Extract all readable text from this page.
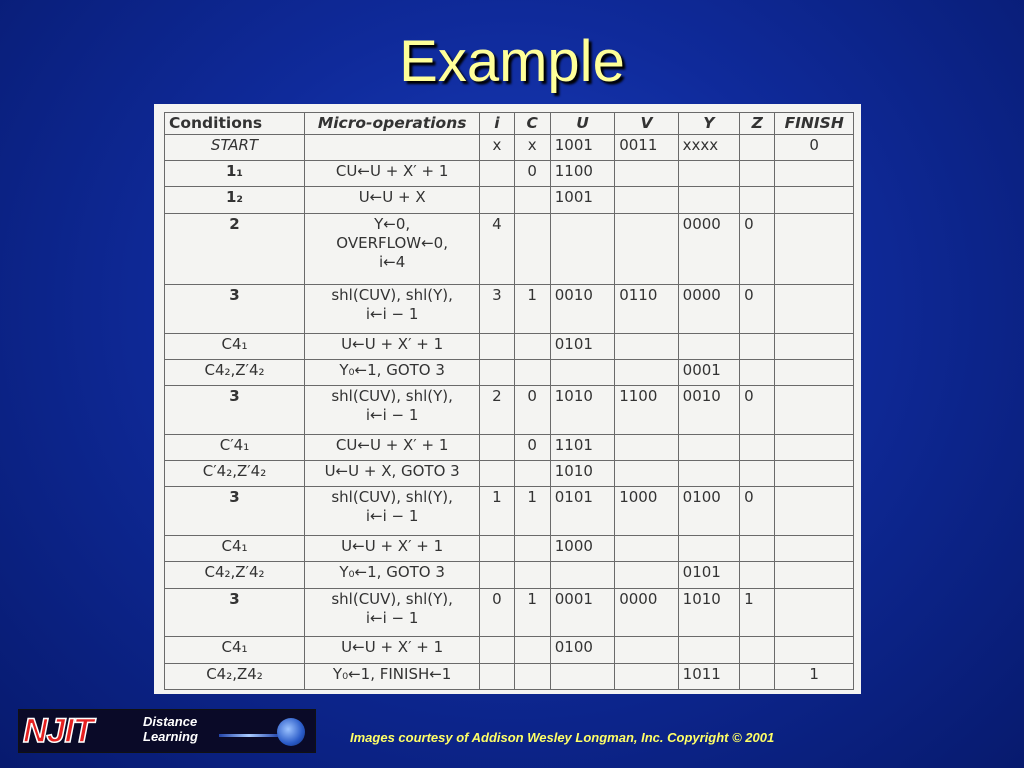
Example
Conditions	Micro-operations	i	C	U	V	Y	Z	FINISH
START		x	x	1001	0011	xxxx		0
1₁	CU←U + X′ + 1		0	1100				
1₂	U←U + X			1001				
2	Y←0,
OVERFLOW←0,
i←4	4				0000	0	
3	shl(CUV), shl(Y),
i←i − 1	3	1	0010	0110	0000	0	
C4₁	U←U + X′ + 1			0101				
C4₂,Z′4₂	Y₀←1, GOTO 3					0001		
3	shl(CUV), shl(Y),
i←i − 1	2	0	1010	1100	0010	0	
C′4₁	CU←U + X′ + 1		0	1101				
C′4₂,Z′4₂	U←U + X, GOTO 3			1010				
3	shl(CUV), shl(Y),
i←i − 1	1	1	0101	1000	0100	0	
C4₁	U←U + X′ + 1			1000				
C4₂,Z′4₂	Y₀←1, GOTO 3					0101		
3	shl(CUV), shl(Y),
i←i − 1	0	1	0001	0000	1010	1	
C4₁	U←U + X′ + 1			0100				
C4₂,Z4₂	Y₀←1, FINISH←1					1011		1
NJIT	Distance
Learning	Images courtesy of Addison Wesley Longman, Inc. Copyright © 2001
